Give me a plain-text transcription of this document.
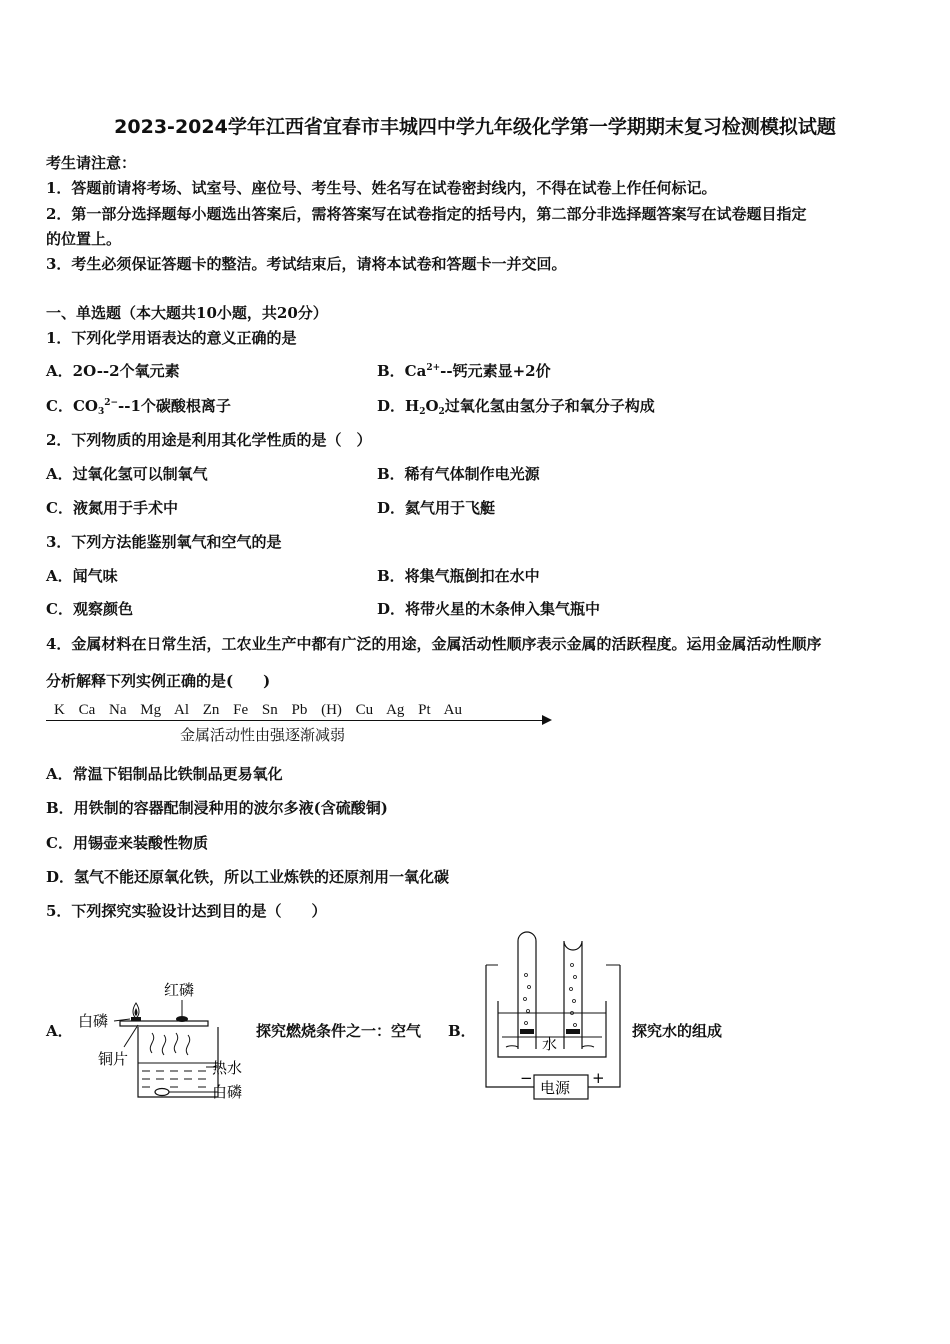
2023-2024学年江西省宜春市丰城四中学九年级化学第一学期期末复习检测模拟试题
考生请注意：
1．答题前请将考场、试室号、座位号、考生号、姓名写在试卷密封线内，不得在试卷上作任何标记。
2．第一部分选择题每小题选出答案后，需将答案写在试卷指定的括号内，第二部分非选择题答案写在试卷题目指定
的位置上。
3．考生必须保证答题卡的整洁。考试结束后，请将本试卷和答题卡一并交回。
一、单选题（本大题共10小题，共20分）
1．下列化学用语表达的意义正确的是
A．2O--2个氧元素	B．$Ca^{2+}--$钙元素显+2价
C．$CO_3^{2-}--1$个碳酸根离子	D．$H_2O_2$过氧化氢由氢分子和氧分子构成
2．下列物质的用途是利用其化学性质的是（　）
A．过氧化氢可以制氧气	B．稀有气体制作电光源
C．液氮用于手术中	D．氦气用于飞艇
3．下列方法能鉴别氧气和空气的是
A．闻气味	B．将集气瓶倒扣在水中
C．观察颜色	D．将带火星的木条伸入集气瓶中
4．金属材料在日常生活，工农业生产中都有广泛的用途，金属活动性顺序表示金属的活跃程度。运用金属活动性顺序
分析解释下列实例正确的是(　　)
K Ca Na Mg Al Zn Fe Sn Pb (H) Cu Ag Pt Au
金属活动性由强逐渐减弱
A．常温下铝制品比铁制品更易氧化
B．用铁制的容器配制浸种用的波尔多液(含硫酸铜)
C．用锡壶来装酸性物质
D．氢气不能还原氧化铁，所以工业炼铁的还原剂用一氧化碳
5．下列探究实验设计达到目的是（　　）
A．
红磷
白磷
铜片	热水
白磷
探究燃烧条件之一：空气 B．
水
电源
−	+
探究水的组成
